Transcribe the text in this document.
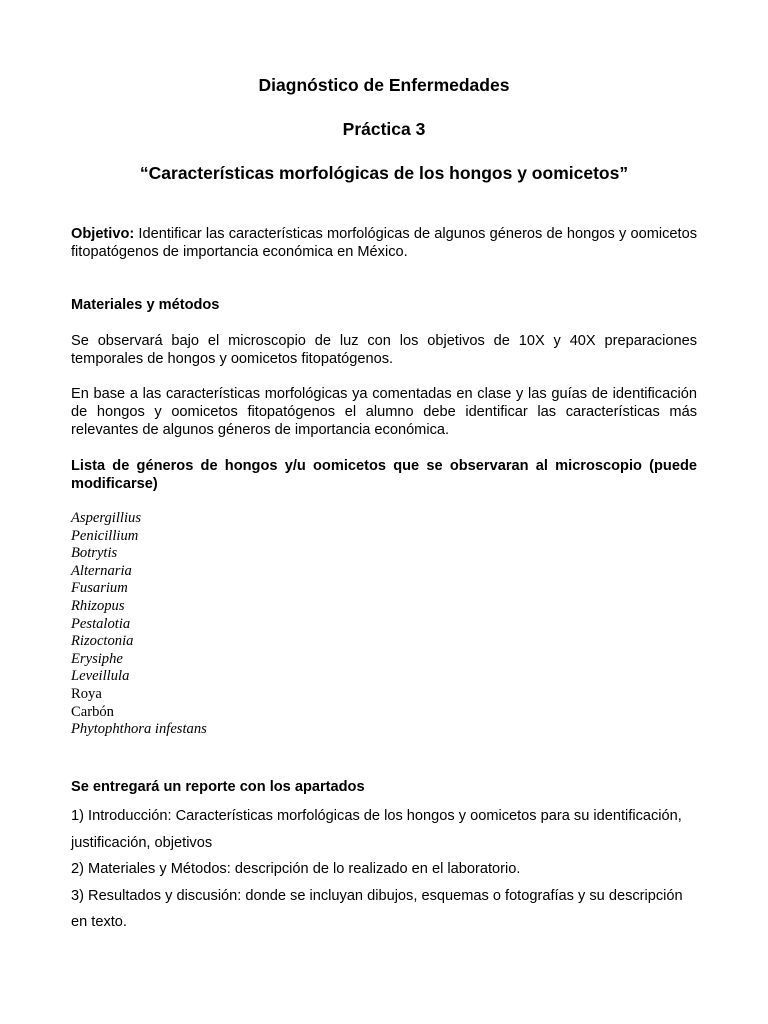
Diagnóstico de Enfermedades
Práctica 3
“Características morfológicas de los hongos y oomicetos”
Objetivo: Identificar las características morfológicas de algunos géneros de hongos y oomicetos fitopatógenos de importancia económica en México.
Materiales y métodos
Se observará bajo el microscopio de luz con los objetivos de 10X y 40X preparaciones temporales de hongos y oomicetos fitopatógenos.
En base a las características morfológicas ya comentadas en clase y las guías de identificación de hongos y oomicetos fitopatógenos el alumno debe identificar las características más relevantes de algunos géneros de importancia económica.
Lista de géneros de hongos y/u oomicetos que se observaran al microscopio (puede modificarse)
Aspergillius
Penicillium
Botrytis
Alternaria
Fusarium
Rhizopus
Pestalotia
Rizoctonia
Erysiphe
Leveillula
Roya
Carbón
Phytophthora infestans
Se entregará un reporte con los apartados
1) Introducción: Características morfológicas de los hongos y oomicetos para su identificación,
justificación, objetivos
2) Materiales y Métodos: descripción de lo realizado en el laboratorio.
3) Resultados y discusión: donde se incluyan dibujos, esquemas o fotografías y su descripción
en texto.
